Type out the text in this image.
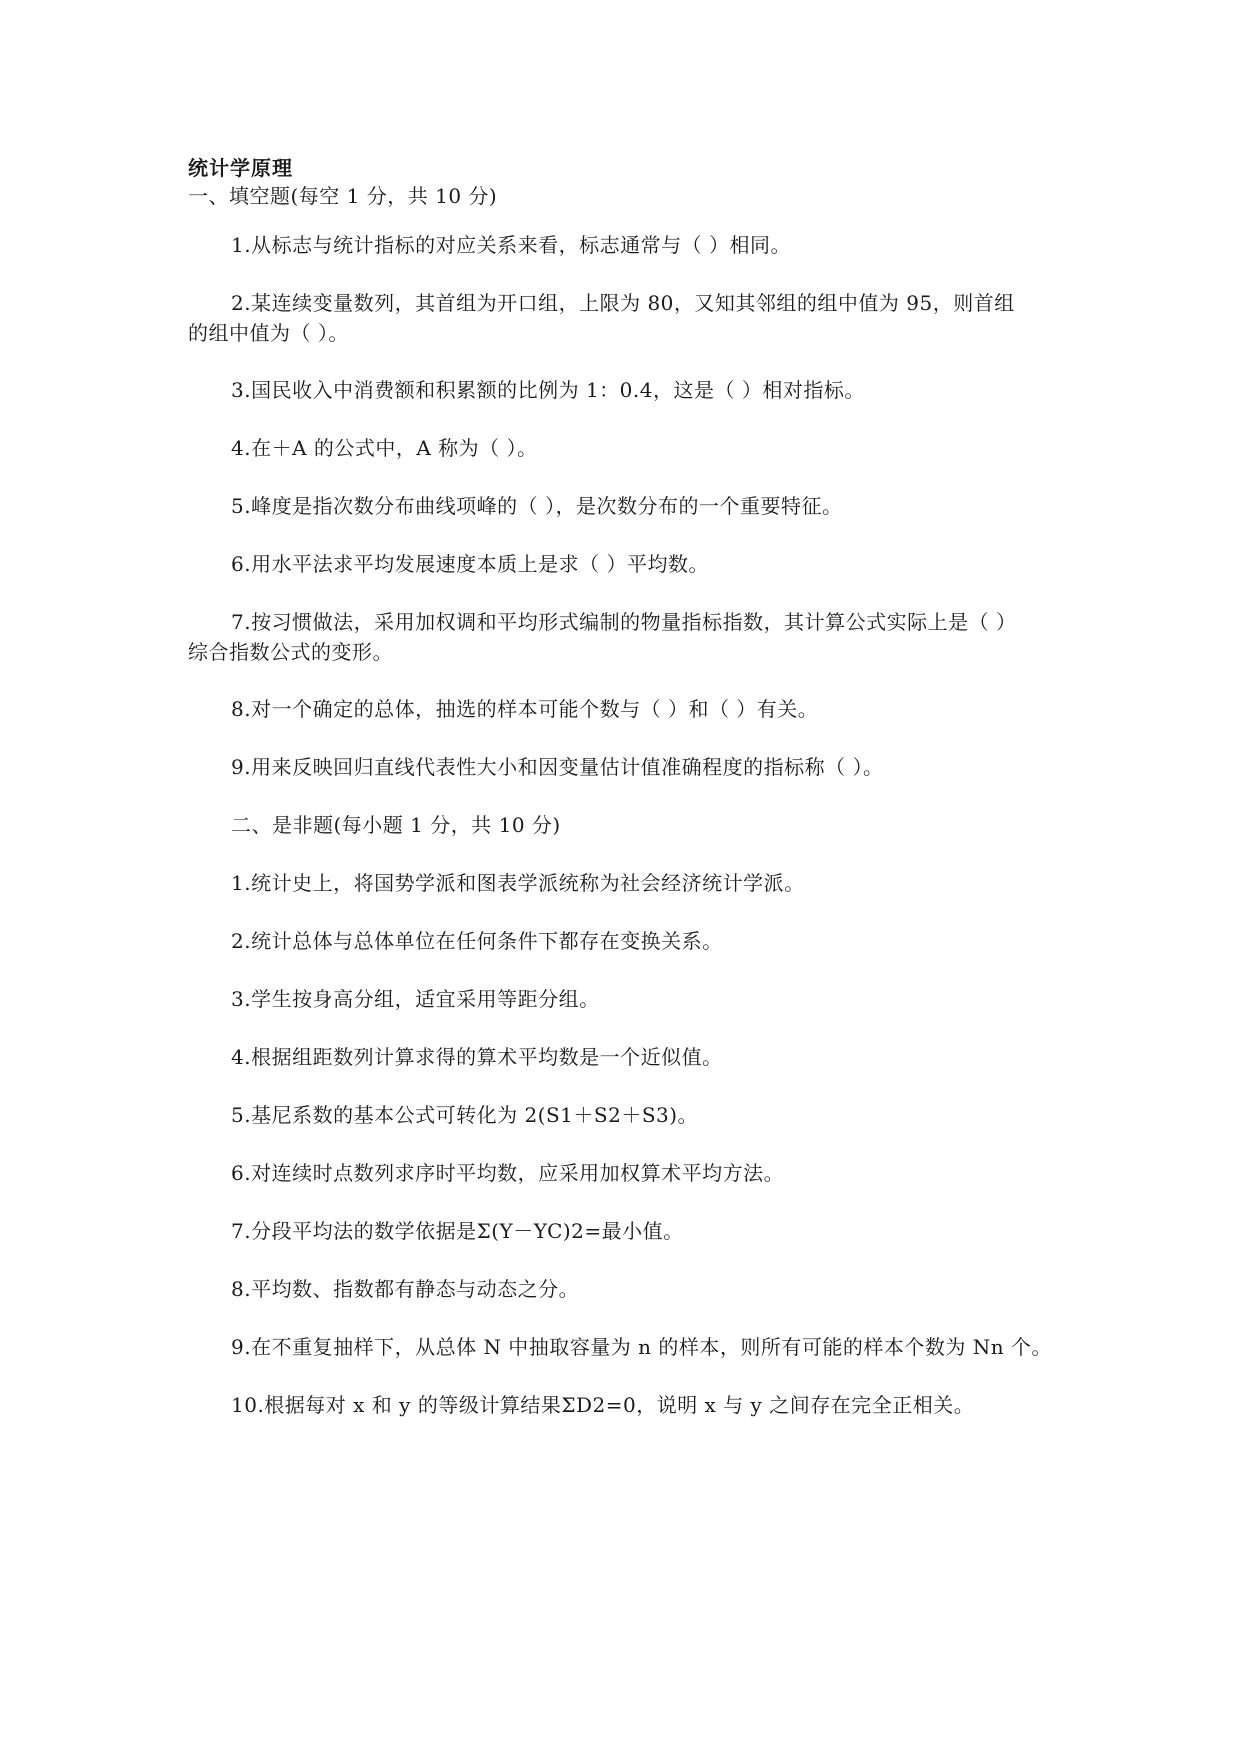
统计学原理
一、填空题(每空 1 分，共 10 分)
1.从标志与统计指标的对应关系来看，标志通常与（ ）相同。
2.某连续变量数列，其首组为开口组，上限为 80，又知其邻组的组中值为 95，则首组
的组中值为（ ）。
3.国民收入中消费额和积累额的比例为 1：0.4，这是（ ）相对指标。
4.在＋A 的公式中，A 称为（ ）。
5.峰度是指次数分布曲线项峰的（ ），是次数分布的一个重要特征。
6.用水平法求平均发展速度本质上是求（ ）平均数。
7.按习惯做法，采用加权调和平均形式编制的物量指标指数，其计算公式实际上是（ ）
综合指数公式的变形。
8.对一个确定的总体，抽选的样本可能个数与（ ）和（ ）有关。
9.用来反映回归直线代表性大小和因变量估计值准确程度的指标称（ ）。
二、是非题(每小题 1 分，共 10 分)
1.统计史上，将国势学派和图表学派统称为社会经济统计学派。
2.统计总体与总体单位在任何条件下都存在变换关系。
3.学生按身高分组，适宜采用等距分组。
4.根据组距数列计算求得的算术平均数是一个近似值。
5.基尼系数的基本公式可转化为 2(S1＋S2＋S3)。
6.对连续时点数列求序时平均数，应采用加权算术平均方法。
7.分段平均法的数学依据是Σ(Y－YC)2=最小值。
8.平均数、指数都有静态与动态之分。
9.在不重复抽样下，从总体 N 中抽取容量为 n 的样本，则所有可能的样本个数为 Nn 个。
10.根据每对 x 和 y 的等级计算结果ΣD2=0，说明 x 与 y 之间存在完全正相关。
